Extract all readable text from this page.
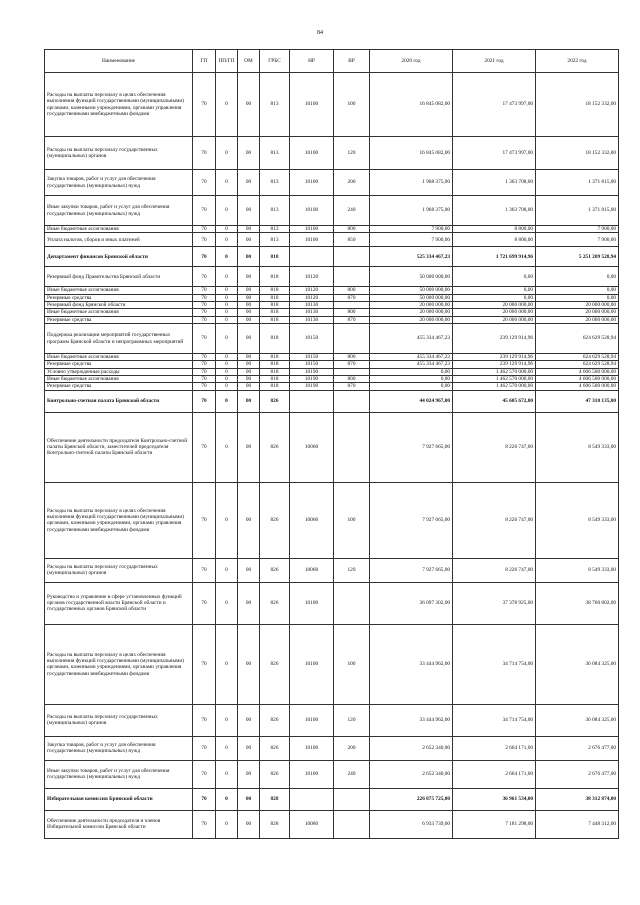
84
Наименование	ГП	ПП/ГП	ОМ	ГРБС	НР	ВР	2020 год	2021 год	2022 год
Расходы на выплаты персоналу в целях обеспечения выполнения функций государственными (муниципальными) органами, казенными учреждениями, органами управления государственными внебюджетными фондами	70	0	00	813	10100	100	16 845 082,00	17 473 997,00	18 152 332,00
Расходы на выплаты персоналу государственных (муниципальных) органов	70	0	00	813	10100	120	16 845 082,00	17 473 997,00	18 152 332,00
Закупка товаров, работ и услуг для обеспечения государственных (муниципальных) нужд	70	0	00	813	10100	200	1 968 375,00	1 363 708,00	1 371 815,00
Иные закупки товаров, работ и услуг для обеспечения государственных (муниципальных) нужд	70	0	00	813	10100	240	1 968 375,00	1 363 708,00	1 371 815,00
Иные бюджетные ассигнования	70	0	00	813	10100	800	7 900,00	8 800,00	7 900,00
Уплата налогов, сборов и иных платежей	70	0	00	813	10100	850	7 900,00	8 800,00	7 900,00
Департамент финансов Брянской области	70	0	00	818			525 334 467,23	1 721 699 914,96	5 251 209 528,94
Резервный фонд Правительства Брянской области	70	0	00	818	10120		50 000 000,00	0,00	0,00
Иные бюджетные ассигнования	70	0	00	818	10120	800	50 000 000,00	0,00	0,00
Резервные средства	70	0	00	818	10120	870	50 000 000,00	0,00	0,00
Резервный фонд Брянской области	70	0	00	818	10130		20 000 000,00	20 000 000,00	20 000 000,00
Иные бюджетные ассигнования	70	0	00	818	10130	800	20 000 000,00	20 000 000,00	20 000 000,00
Резервные средства	70	0	00	818	10130	870	20 000 000,00	20 000 000,00	20 000 000,00
Поддержка реализации мероприятий государственных программ Брянской области и непрограммных мероприятий	70	0	00	818	10150		455 334 467,23	239 129 914,96	624 629 528,94
Иные бюджетные ассигнования	70	0	00	818	10150	800	455 334 467,23	239 129 914,96	624 629 528,94
Резервные средства	70	0	00	818	10150	870	455 334 467,23	239 129 914,96	624 629 528,94
Условно утвержденные расходы	70	0	00	818	10190		0,00	1 462 570 000,00	4 606 580 000,00
Иные бюджетные ассигнования	70	0	00	818	10190	800	0,00	1 462 570 000,00	4 606 580 000,00
Резервные средства	70	0	00	818	10190	870	0,00	1 462 570 000,00	4 606 580 000,00
Контрольно-счетная палата Брянской области	70	0	00	826			44 024 967,00	45 605 672,00	47 310 135,00
Обеспечение деятельности председателя Контрольно-счетной палаты Брянской области, заместителей председателя Контрольно-счетной палаты Брянской области	70	0	00	826	10060		7 927 665,00	8 226 747,00	8 549 333,00
Расходы на выплаты персоналу в целях обеспечения выполнения функций государственными (муниципальными) органами, казенными учреждениями, органами управления государственными внебюджетными фондами	70	0	00	826	10060	100	7 927 665,00	8 226 747,00	8 549 333,00
Расходы на выплаты персоналу государственных (муниципальных) органов	70	0	00	826	10060	120	7 927 665,00	8 226 747,00	8 549 333,00
Руководство и управление в сфере установленных функций органов государственной власти Брянской области и государственных органов Брянской области	70	0	00	826	10100		36 097 302,00	37 378 925,00	38 760 802,00
Расходы на выплаты персоналу в целях обеспечения выполнения функций государственными (муниципальными) органами, казенными учреждениями, органами управления государственными внебюджетными фондами	70	0	00	826	10100	100	33 444 962,00	34 714 754,00	36 084 325,00
Расходы на выплаты персоналу государственных (муниципальных) органов	70	0	00	826	10100	120	33 444 962,00	34 714 754,00	36 084 325,00
Закупка товаров, работ и услуг для обеспечения государственных (муниципальных) нужд	70	0	00	826	10100	200	2 652 340,00	2 664 171,00	2 676 477,00
Иные закупки товаров, работ и услуг для обеспечения государственных (муниципальных) нужд	70	0	00	826	10100	240	2 652 340,00	2 664 171,00	2 676 477,00
Избирательная комиссия Брянской области	70	0	00	828			226 875 725,00	36 961 534,00	38 312 874,00
Обеспечение деятельности председателя и членов Избирательной комиссии Брянской области	70	0	00	828	10080		6 933 739,00	7 181 298,00	7 448 312,00
